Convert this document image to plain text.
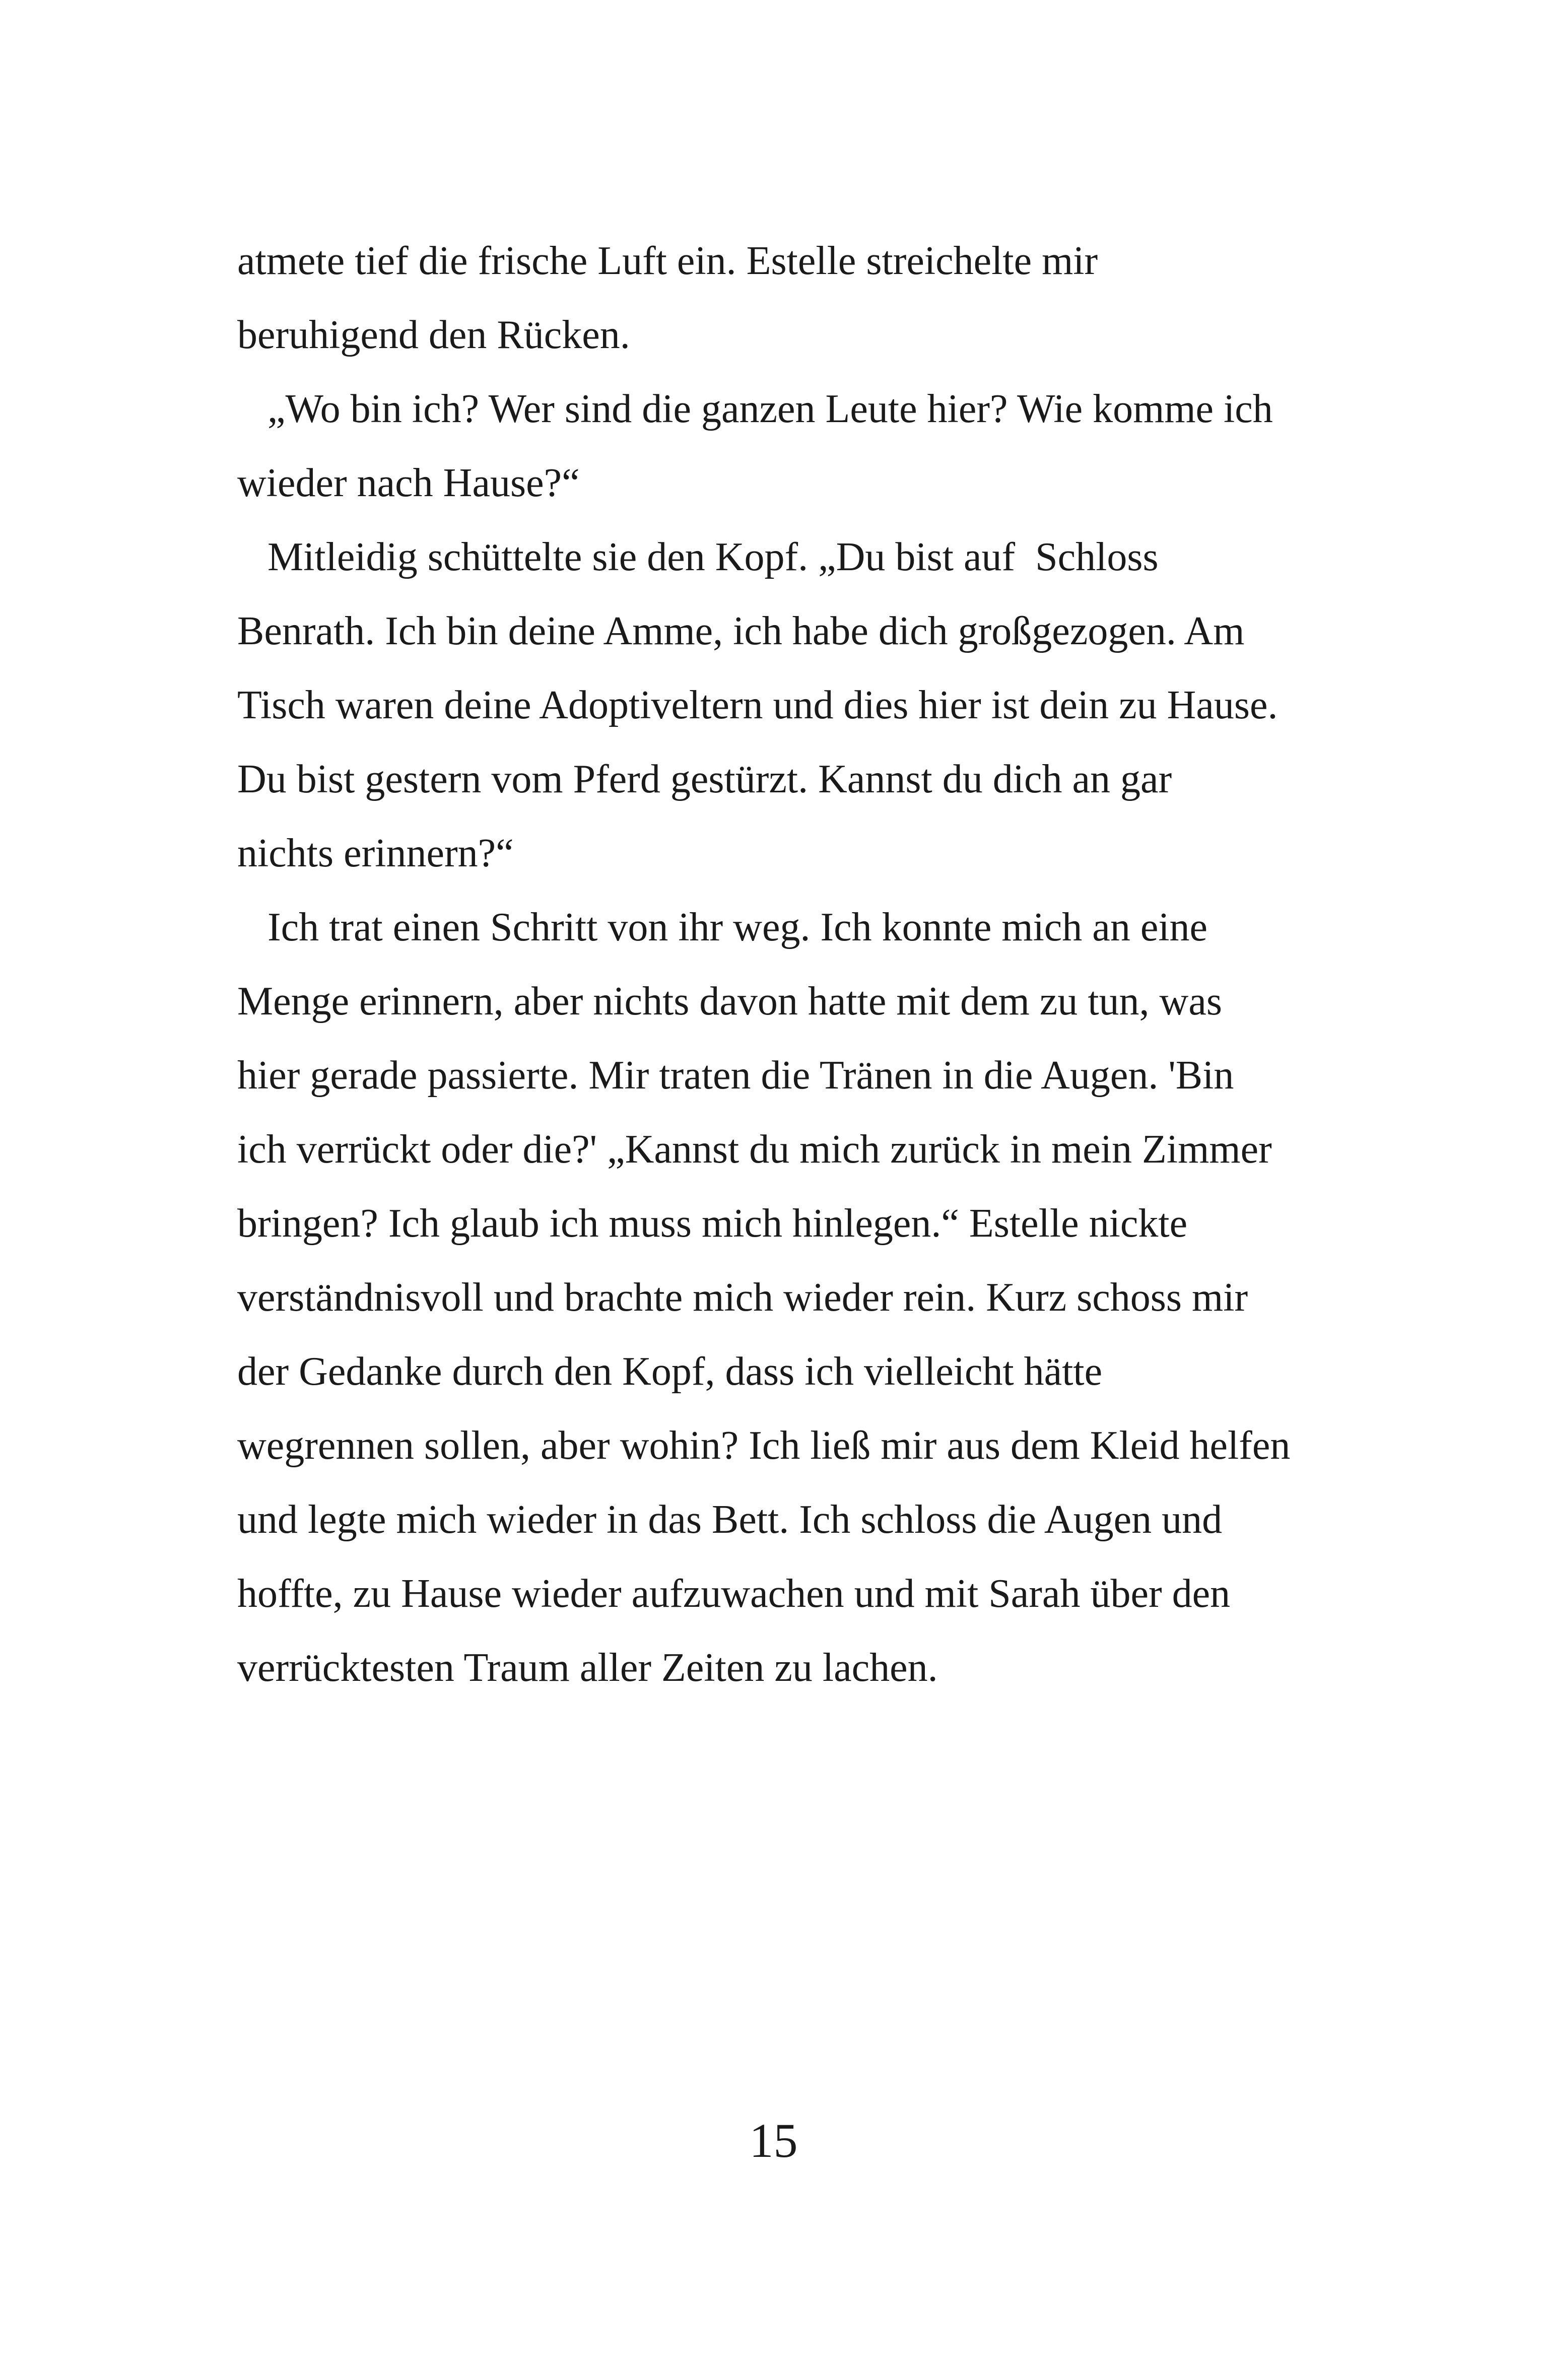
atmete tief die frische Luft ein. Estelle streichelte mir
beruhigend den Rücken.
„Wo bin ich? Wer sind die ganzen Leute hier? Wie komme ich
wieder nach Hause?“
Mitleidig schüttelte sie den Kopf. „Du bist auf  Schloss
Benrath. Ich bin deine Amme, ich habe dich großgezogen. Am
Tisch waren deine Adoptiveltern und dies hier ist dein zu Hause.
Du bist gestern vom Pferd gestürzt. Kannst du dich an gar
nichts erinnern?“
Ich trat einen Schritt von ihr weg. Ich konnte mich an eine
Menge erinnern, aber nichts davon hatte mit dem zu tun, was
hier gerade passierte. Mir traten die Tränen in die Augen. 'Bin
ich verrückt oder die?' „Kannst du mich zurück in mein Zimmer
bringen? Ich glaub ich muss mich hinlegen.“ Estelle nickte
verständnisvoll und brachte mich wieder rein. Kurz schoss mir
der Gedanke durch den Kopf, dass ich vielleicht hätte
wegrennen sollen, aber wohin? Ich ließ mir aus dem Kleid helfen
und legte mich wieder in das Bett. Ich schloss die Augen und
hoffte, zu Hause wieder aufzuwachen und mit Sarah über den
verrücktesten Traum aller Zeiten zu lachen.
15
